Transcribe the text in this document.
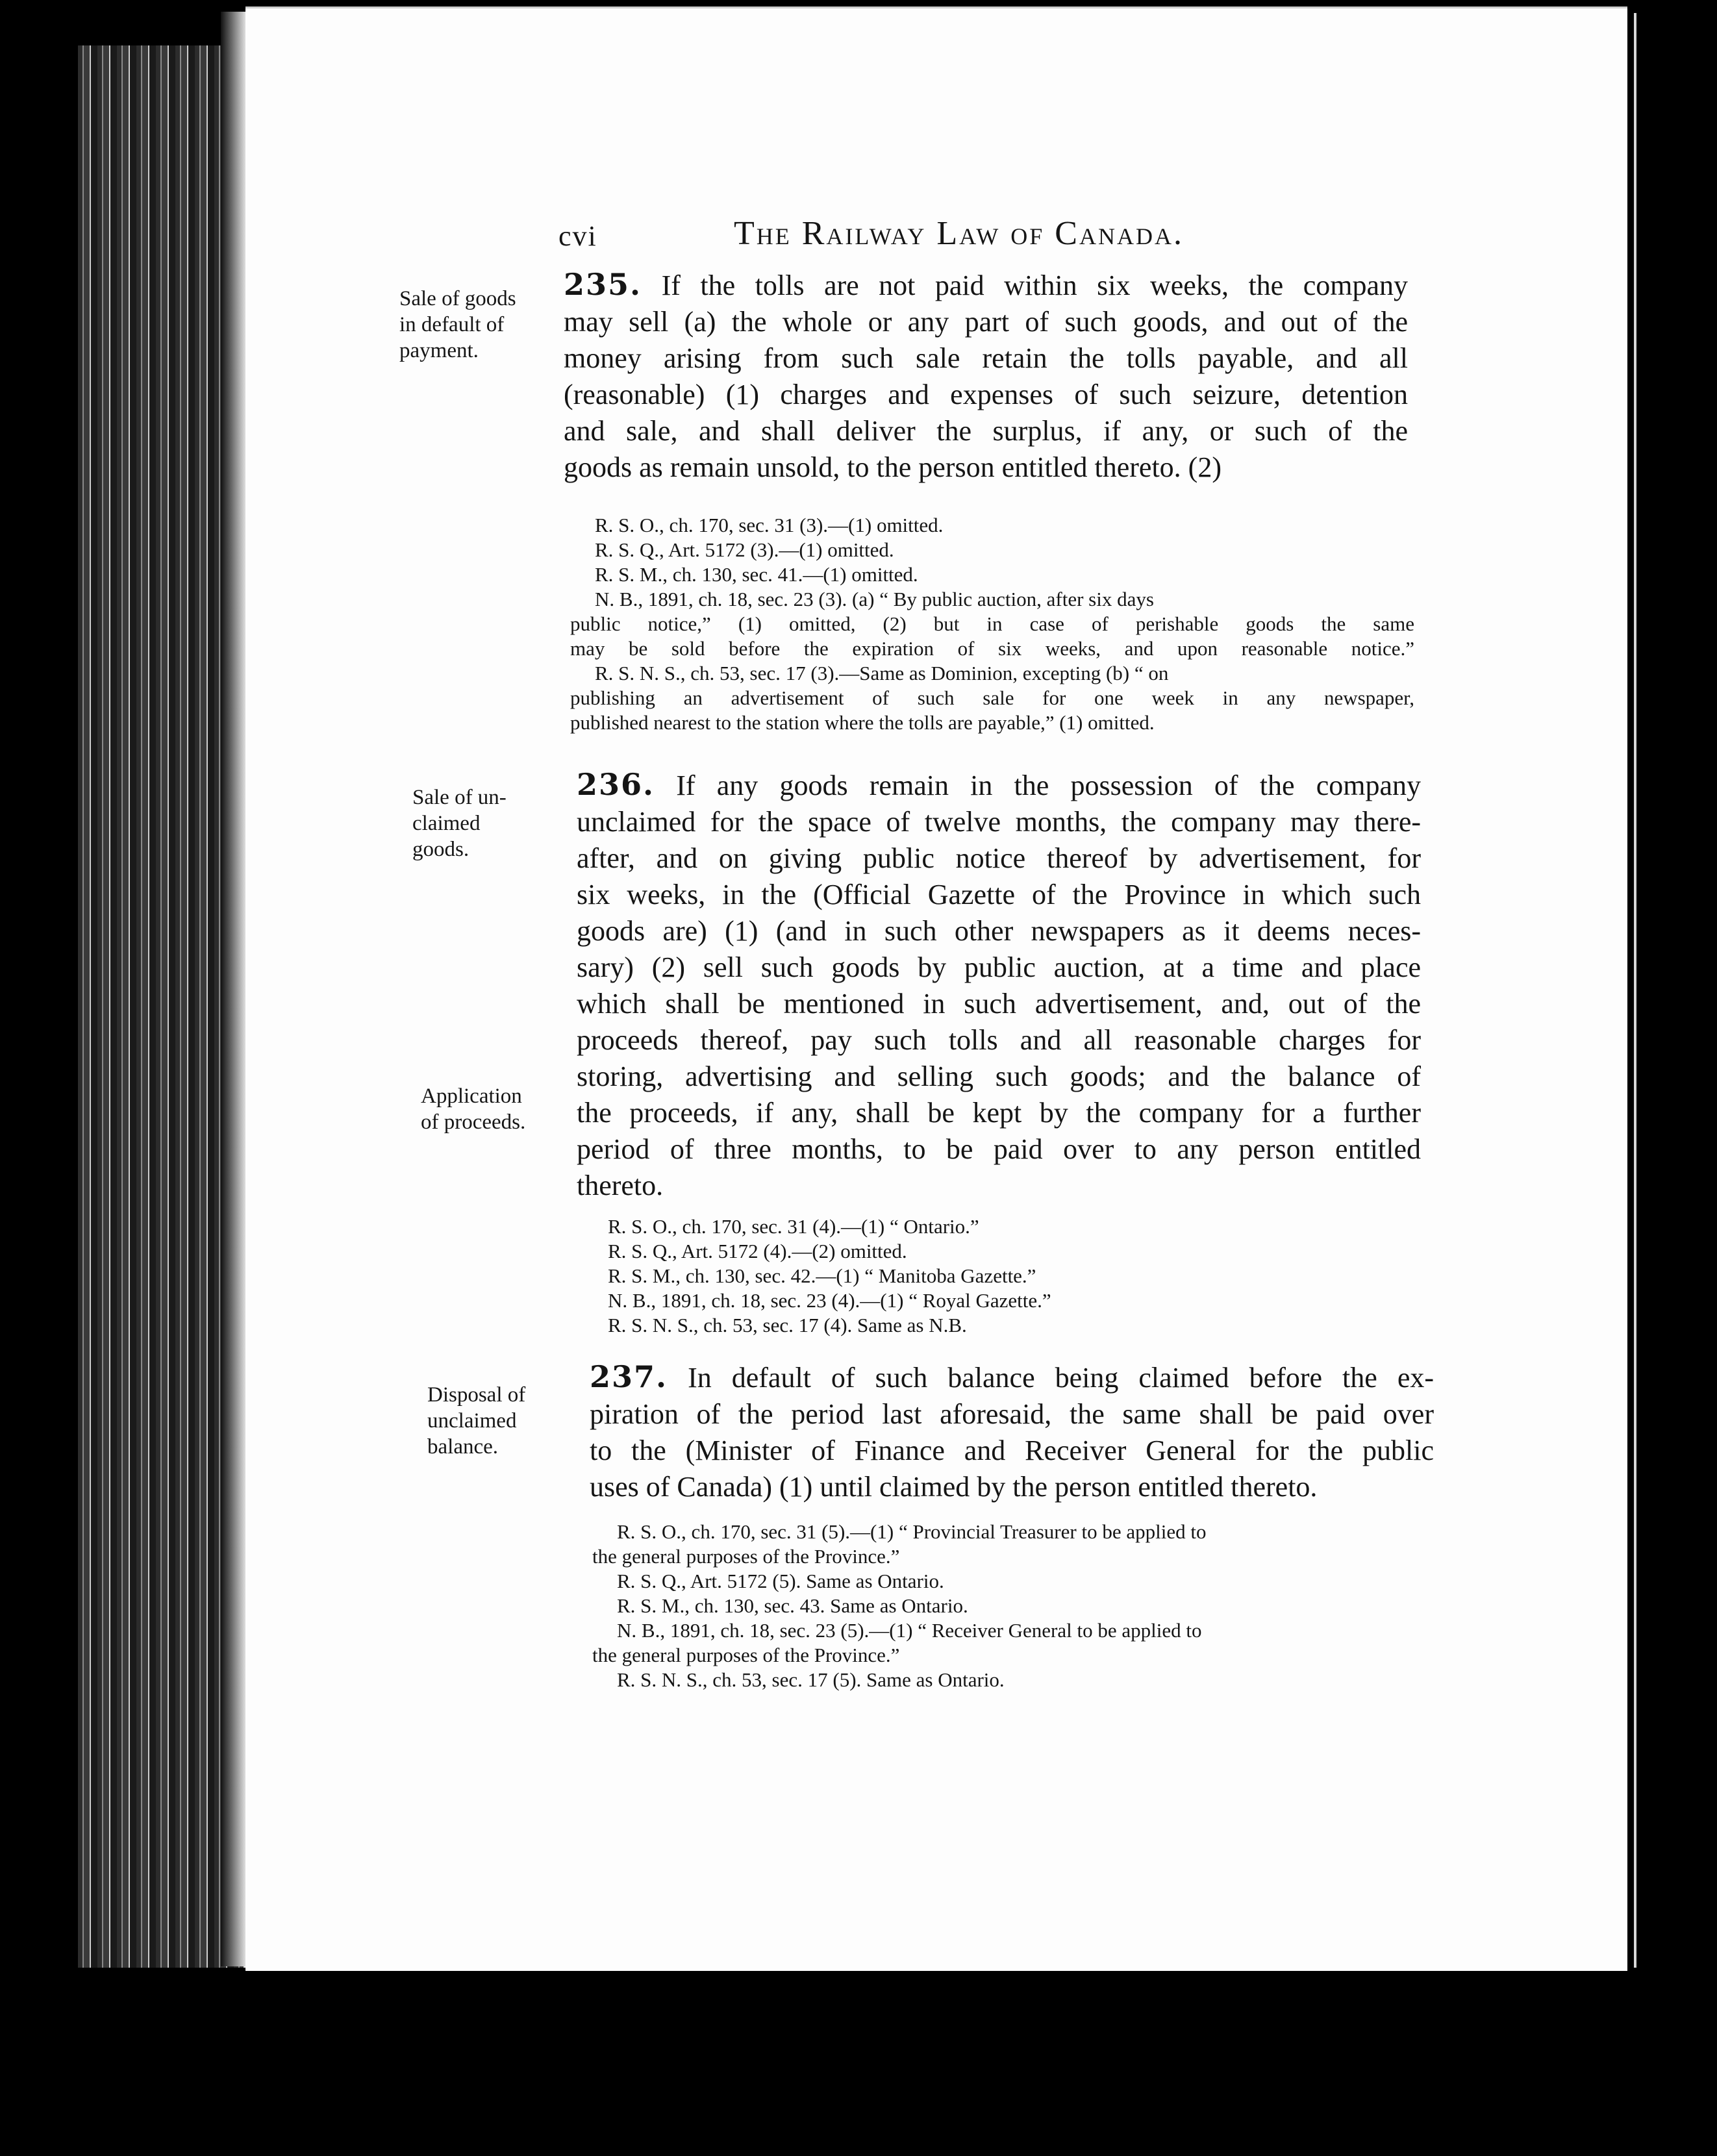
cvi	The Railway Law of Canada.
Sale of goods
in default of
payment.
235. If the tolls are not paid within six weeks, the company
may sell (a) the whole or any part of such goods, and out of the
money arising from such sale retain the tolls payable, and all
(reasonable) (1) charges and expenses of such seizure, detention
and sale, and shall deliver the surplus, if any, or such of the
goods as remain unsold, to the person entitled thereto. (2)
R. S. O., ch. 170, sec. 31 (3).—(1) omitted.
R. S. Q., Art. 5172 (3).—(1) omitted.
R. S. M., ch. 130, sec. 41.—(1) omitted.
N. B., 1891, ch. 18, sec. 23 (3). (a) “ By public auction, after six days
public notice,” (1) omitted, (2) but in case of perishable goods the same
may be sold before the expiration of six weeks, and upon reasonable notice.”
R. S. N. S., ch. 53, sec. 17 (3).—Same as Dominion, excepting (b) “ on
publishing an advertisement of such sale for one week in any newspaper,
published nearest to the station where the tolls are payable,” (1) omitted.
Sale of un-
claimed
goods.
Application
of proceeds.
236. If any goods remain in the possession of the company
unclaimed for the space of twelve months, the company may there-
after, and on giving public notice thereof by advertisement, for
six weeks, in the (Official Gazette of the Province in which such
goods are) (1) (and in such other newspapers as it deems neces-
sary) (2) sell such goods by public auction, at a time and place
which shall be mentioned in such advertisement, and, out of the
proceeds thereof, pay such tolls and all reasonable charges for
storing, advertising and selling such goods; and the balance of
the proceeds, if any, shall be kept by the company for a further
period of three months, to be paid over to any person entitled
thereto.
R. S. O., ch. 170, sec. 31 (4).—(1) “ Ontario.”
R. S. Q., Art. 5172 (4).—(2) omitted.
R. S. M., ch. 130, sec. 42.—(1) “ Manitoba Gazette.”
N. B., 1891, ch. 18, sec. 23 (4).—(1) “ Royal Gazette.”
R. S. N. S., ch. 53, sec. 17 (4). Same as N.B.
Disposal of
unclaimed
balance.
237. In default of such balance being claimed before the ex-
piration of the period last aforesaid, the same shall be paid over
to the (Minister of Finance and Receiver General for the public
uses of Canada) (1) until claimed by the person entitled thereto.
R. S. O., ch. 170, sec. 31 (5).—(1) “ Provincial Treasurer to be applied to
the general purposes of the Province.”
R. S. Q., Art. 5172 (5). Same as Ontario.
R. S. M., ch. 130, sec. 43. Same as Ontario.
N. B., 1891, ch. 18, sec. 23 (5).—(1) “ Receiver General to be applied to
the general purposes of the Province.”
R. S. N. S., ch. 53, sec. 17 (5). Same as Ontario.
